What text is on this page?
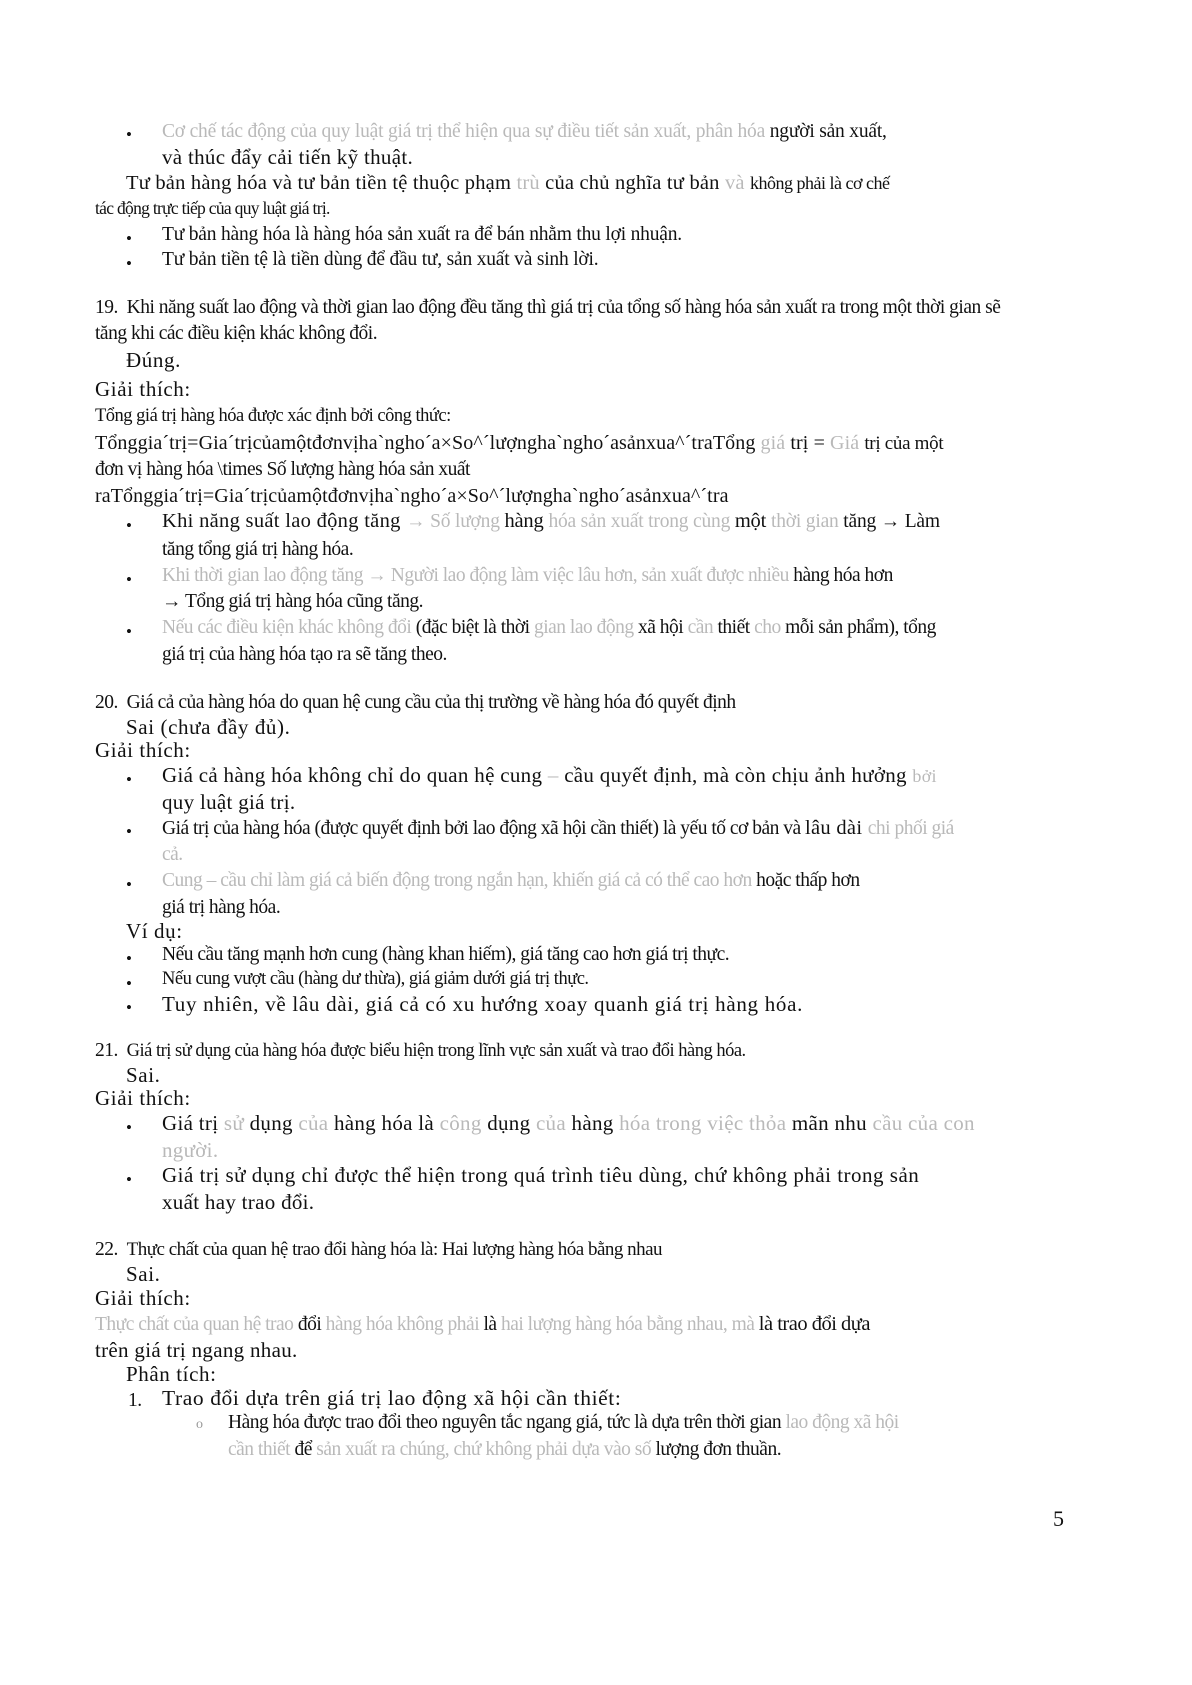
• Cơ chế tác động của quy luật giá trị thể hiện qua sự điều tiết sản xuất, phân hóa người sản xuất,
và thúc đẩy cải tiến kỹ thuật.
Tư bản hàng hóa và tư bản tiền tệ thuộc phạm trù của chủ nghĩa tư bản và không phải là cơ chế
tác động trực tiếp của quy luật giá trị.
• Tư bản hàng hóa là hàng hóa sản xuất ra để bán nhằm thu lợi nhuận.
• Tư bản tiền tệ là tiền dùng để đầu tư, sản xuất và sinh lời.
19. Khi năng suất lao động và thời gian lao động đều tăng thì giá trị của tổng số hàng hóa sản xuất ra trong một thời gian sẽ
tăng khi các điều kiện khác không đổi.
Đúng.
Giải thích:
Tổng giá trị hàng hóa được xác định bởi công thức:
Tổnggia´trị=Gia´trịcủamộtđơnvịha`ngho´a×So^´lượngha`ngho´asảnxua^´traTổng giá trị = Giá trị của một
đơn vị hàng hóa \times Số lượng hàng hóa sản xuất
raTổnggia´trị=Gia´trịcủamộtđơnvịha`ngho´a×So^´lượngha`ngho´asảnxua^´tra
• Khi năng suất lao động tăng → Số lượng hàng hóa sản xuất trong cùng một thời gian tăng → Làm
tăng tổng giá trị hàng hóa.
• Khi thời gian lao động tăng → Người lao động làm việc lâu hơn, sản xuất được nhiều hàng hóa hơn
→ Tổng giá trị hàng hóa cũng tăng.
• Nếu các điều kiện khác không đổi (đặc biệt là thời gian lao động xã hội cần thiết cho mỗi sản phẩm), tổng
giá trị của hàng hóa tạo ra sẽ tăng theo.
20. Giá cả của hàng hóa do quan hệ cung cầu của thị trường về hàng hóa đó quyết định
Sai (chưa đầy đủ).
Giải thích:
• Giá cả hàng hóa không chỉ do quan hệ cung – cầu quyết định, mà còn chịu ảnh hưởng bởi
quy luật giá trị.
• Giá trị của hàng hóa (được quyết định bởi lao động xã hội cần thiết) là yếu tố cơ bản và lâu dài chi phối giá
cả.
• Cung – cầu chỉ làm giá cả biến động trong ngắn hạn, khiến giá cả có thể cao hơn hoặc thấp hơn
giá trị hàng hóa.
Ví dụ:
• Nếu cầu tăng mạnh hơn cung (hàng khan hiếm), giá tăng cao hơn giá trị thực.
• Nếu cung vượt cầu (hàng dư thừa), giá giảm dưới giá trị thực.
• Tuy nhiên, về lâu dài, giá cả có xu hướng xoay quanh giá trị hàng hóa.
21. Giá trị sử dụng của hàng hóa được biểu hiện trong lĩnh vực sản xuất và trao đổi hàng hóa.
Sai.
Giải thích:
• Giá trị sử dụng của hàng hóa là công dụng của hàng hóa trong việc thỏa mãn nhu cầu của con
người.
• Giá trị sử dụng chỉ được thể hiện trong quá trình tiêu dùng, chứ không phải trong sản
xuất hay trao đổi.
22. Thực chất của quan hệ trao đổi hàng hóa là: Hai lượng hàng hóa bằng nhau
Sai.
Giải thích:
Thực chất của quan hệ trao đổi hàng hóa không phải là hai lượng hàng hóa bằng nhau, mà là trao đổi dựa
trên giá trị ngang nhau.
Phân tích:
1. Trao đổi dựa trên giá trị lao động xã hội cần thiết:
o Hàng hóa được trao đổi theo nguyên tắc ngang giá, tức là dựa trên thời gian lao động xã hội
cần thiết để sản xuất ra chúng, chứ không phải dựa vào số lượng đơn thuần.
5
